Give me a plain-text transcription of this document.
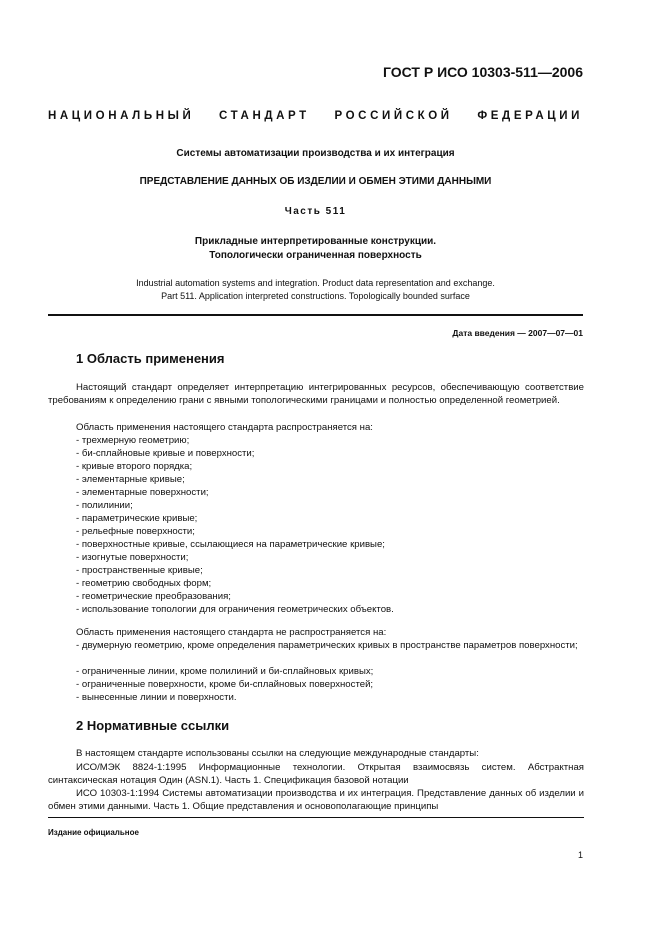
ГОСТ Р ИСО 10303-511—2006
НАЦИОНАЛЬНЫЙ СТАНДАРТ РОССИЙСКОЙ ФЕДЕРАЦИИ
Системы автоматизации производства и их интеграция
ПРЕДСТАВЛЕНИЕ ДАННЫХ ОБ ИЗДЕЛИИ И ОБМЕН ЭТИМИ ДАННЫМИ
Часть 511
Прикладные интерпретированные конструкции.
Топологически ограниченная поверхность
Industrial automation systems and integration. Product data representation and exchange.
Part 511. Application interpreted constructions. Topologically bounded surface
Дата введения — 2007—07—01
1 Область применения
Настоящий стандарт определяет интерпретацию интегрированных ресурсов, обеспечивающую соответствие требованиям к определению грани с явными топологическими границами и полностью определенной геометрией.
Область применения настоящего стандарта распространяется на:
- трехмерную геометрию;
- би-сплайновые кривые и поверхности;
- кривые второго порядка;
- элементарные кривые;
- элементарные поверхности;
- полилинии;
- параметрические кривые;
- рельефные поверхности;
- поверхностные кривые, ссылающиеся на параметрические кривые;
- изогнутые поверхности;
- пространственные кривые;
- геометрию свободных форм;
- геометрические преобразования;
- использование топологии для ограничения геометрических объектов.
Область применения настоящего стандарта не распространяется на:
- двумерную геометрию, кроме определения параметрических кривых в пространстве параметров поверхности;
- ограниченные линии, кроме полилиний и би-сплайновых кривых;
- ограниченные поверхности, кроме би-сплайновых поверхностей;
- вынесенные линии и поверхности.
2 Нормативные ссылки
В настоящем стандарте использованы ссылки на следующие международные стандарты:
ИСО/МЭК 8824-1:1995 Информационные технологии. Открытая взаимосвязь систем. Абстрактная синтаксическая нотация Один (ASN.1). Часть 1. Спецификация базовой нотации
ИСО 10303-1:1994 Системы автоматизации производства и их интеграция. Представление данных об изделии и обмен этими данными. Часть 1. Общие представления и основополагающие принципы
Издание официальное
1
